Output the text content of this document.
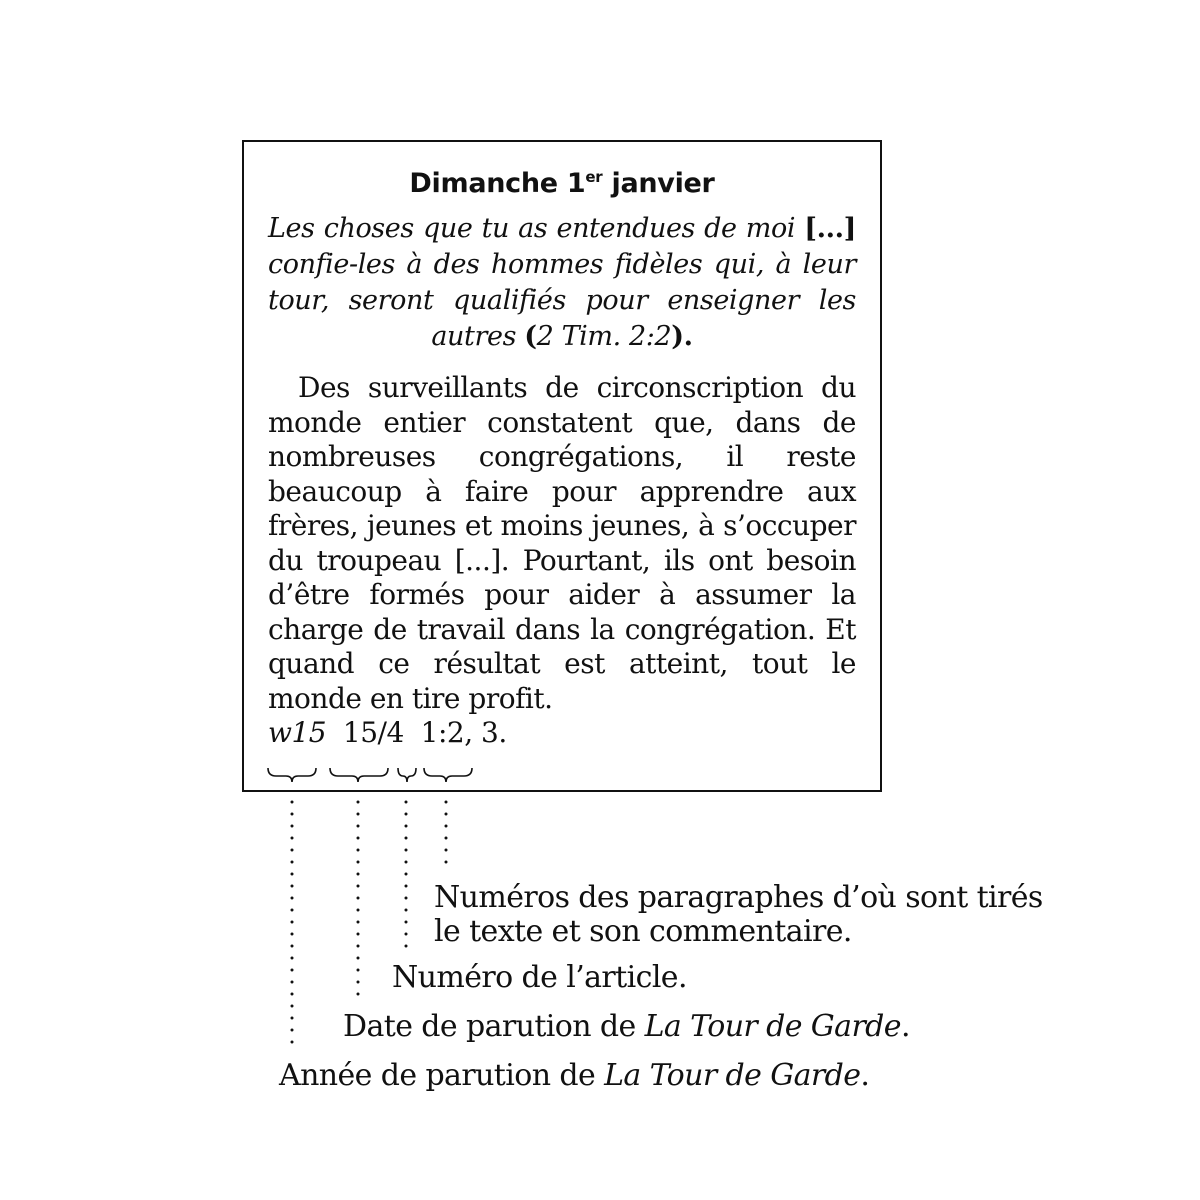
Dimanche 1er janvier

Les choses que tu as entendues de moi [...] confie-les à des hommes fidèles qui, à leur tour, seront qualifiés pour enseigner les autres (2 Tim. 2:2).

Des surveillants de circonscription du monde entier constatent que, dans de nombreuses congrégations, il reste beaucoup à faire pour apprendre aux frères, jeunes et moins jeunes, à s’occuper du troupeau [...]. Pourtant, ils ont besoin d’être formés pour aider à assumer la charge de travail dans la congrégation. Et quand ce résultat est atteint, tout le monde en tire profit.

w15 15/4 1:2, 3.
Numéros des paragraphes d’où sont tirés
le texte et son commentaire.
Numéro de l’article.
Date de parution de La Tour de Garde.
Année de parution de La Tour de Garde.
